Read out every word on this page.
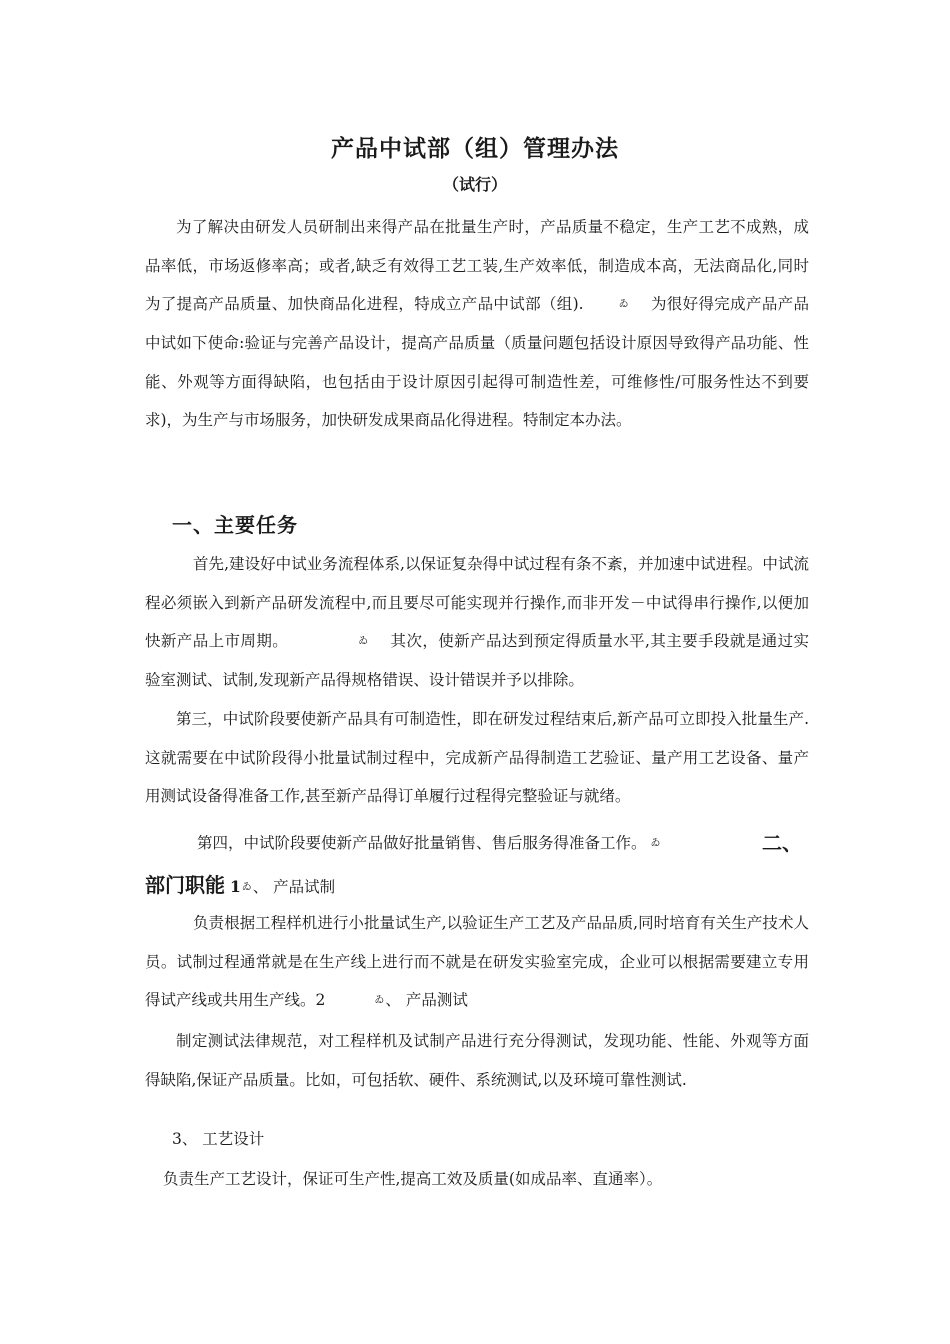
产品中试部（组）管理办法
（试行）
为了解决由研发人员研制出来得产品在批量生产时，产品质量不稳定，生产工艺不成熟，成品率低，市场返修率高；或者,缺乏有效得工艺工装,生产效率低，制造成本高，无法商品化,同时为了提高产品质量、加快商品化进程，特成立产品中试部（组).	ゐ 为很好得完成产品产品中试如下使命:验证与完善产品设计，提高产品质量（质量问题包括设计原因导致得产品功能、性能、外观等方面得缺陷，也包括由于设计原因引起得可制造性差，可维修性/可服务性达不到要求)，为生产与市场服务，加快研发成果商品化得进程。特制定本办法。
一、主要任务
首先,建设好中试业务流程体系,以保证复杂得中试过程有条不紊，并加速中试进程。中试流程必须嵌入到新产品研发流程中,而且要尽可能实现并行操作,而非开发－中试得串行操作,以便加快新产品上市周期。	ゐ 其次，使新产品达到预定得质量水平,其主要手段就是通过实验室测试、试制,发现新产品得规格错误、设计错误并予以排除。
第三，中试阶段要使新产品具有可制造性，即在研发过程结束后,新产品可立即投入批量生产.这就需要在中试阶段得小批量试制过程中，完成新产品得制造工艺验证、量产用工艺设备、量产用测试设备得准备工作,甚至新产品得订单履行过程得完整验证与就绪。
第四，中试阶段要使新产品做好批量销售、售后服务得准备工作。 ゐ	二、
部门职能 1ゐ、 产品试制
负责根据工程样机进行小批量试生产,以验证生产工艺及产品品质,同时培育有关生产技术人员。试制过程通常就是在生产线上进行而不就是在研发实验室完成，企业可以根据需要建立专用得试产线或共用生产线。2	ゐ、 产品测试
制定测试法律规范，对工程样机及试制产品进行充分得测试，发现功能、性能、外观等方面得缺陷,保证产品质量。比如，可包括软、硬件、系统测试,以及环境可靠性测试.
3、 工艺设计
负责生产工艺设计，保证可生产性,提高工效及质量(如成品率、直通率）。
